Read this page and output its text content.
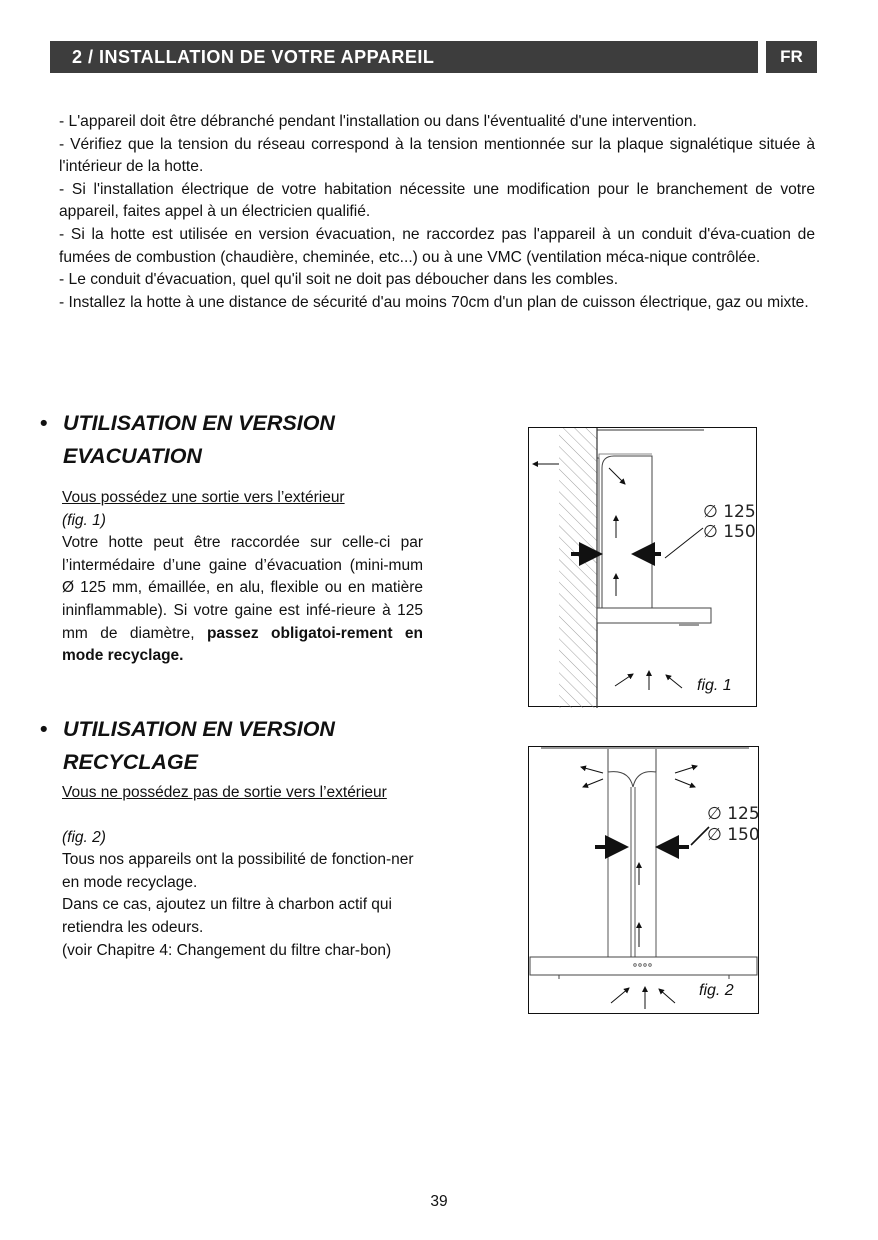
2 / INSTALLATION DE VOTRE APPAREIL	FR

- L'appareil doit être débranché pendant l'installation ou dans l'éventualité d'une intervention.

- Vérifiez que la tension du réseau correspond à la tension mentionnée sur la plaque signalétique située à l'intérieur de la hotte.

- Si l'installation électrique de votre habitation nécessite une modification pour le branchement de votre appareil, faites appel à un électricien qualifié.

- Si la hotte est utilisée en version évacuation, ne raccordez pas l'appareil à un conduit d'éva-cuation de fumées de combustion (chaudière, cheminée, etc...) ou à une VMC (ventilation méca-nique contrôlée.

- Le conduit d'évacuation, quel qu'il soit ne doit pas déboucher dans les combles.

- Installez la hotte à une distance de sécurité d'au moins 70cm d'un plan de cuisson électrique, gaz ou mixte.

• UTILISATION EN VERSION EVACUATION

Vous possédez une sortie vers l’extérieur

(fig. 1)

Votre hotte peut être raccordée sur celle-ci par l’intermédaire d’une gaine d’évacuation (mini-mum Ø 125 mm, émaillée, en alu, flexible ou en matière ininflammable). Si votre gaine est infé-rieure à 125 mm de diamètre, passez obligatoi-rement en mode recyclage.

• UTILISATION EN VERSION RECYCLAGE

Vous ne possédez pas de sortie vers l’extérieur

(fig. 2)

Tous nos appareils ont la possibilité de fonction-ner en mode recyclage.

Dans ce cas, ajoutez un filtre à charbon actif qui retiendra les odeurs.

(voir Chapitre 4: Changement du filtre char-bon)

∅ 125
∅ 150
fig. 1
∅ 125
∅ 150
fig. 2
39
